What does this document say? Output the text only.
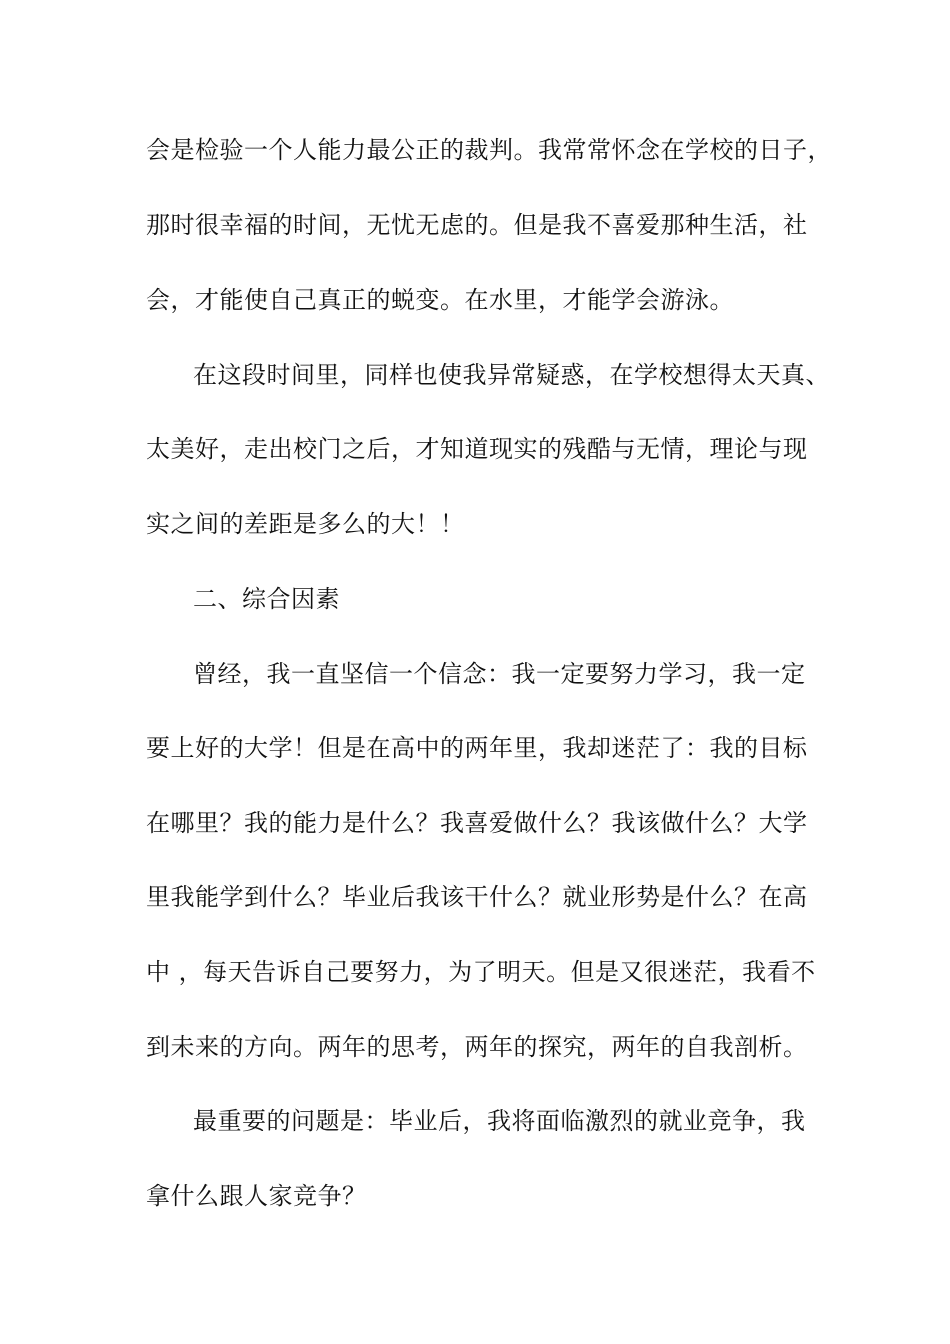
会是检验一个人能力最公正的裁判。我常常怀念在学校的日子，
那时很幸福的时间，无忧无虑的。但是我不喜爱那种生活，社
会，才能使自己真正的蜕变。在水里，才能学会游泳。
在这段时间里，同样也使我异常疑惑，在学校想得太天真、
太美好，走出校门之后，才知道现实的残酷与无情，理论与现
实之间的差距是多么的大！！
二、综合因素
曾经，我一直坚信一个信念：我一定要努力学习，我一定
要上好的大学！但是在高中的两年里，我却迷茫了：我的目标
在哪里？我的能力是什么？我喜爱做什么？我该做什么？大学
里我能学到什么？毕业后我该干什么？就业形势是什么？在高
中 ，每天告诉自己要努力，为了明天。但是又很迷茫，我看不
到未来的方向。两年的思考，两年的探究，两年的自我剖析。
最重要的问题是：毕业后，我将面临激烈的就业竞争，我
拿什么跟人家竞争？
